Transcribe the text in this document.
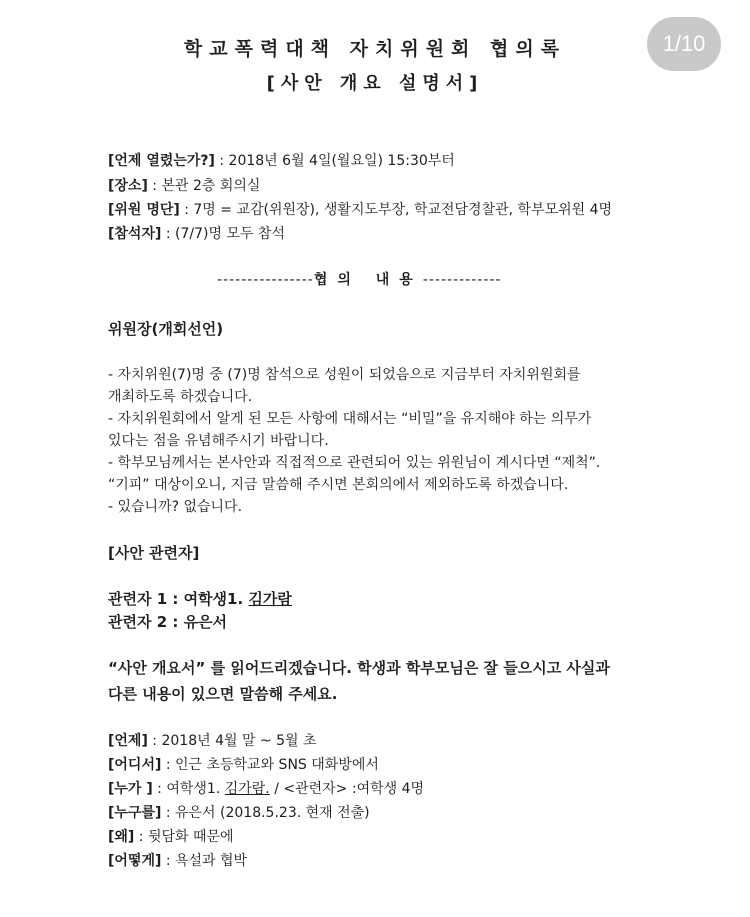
1/10
학교폭력대책 자치위원회 협의록
[사안 개요 설명서]
[언제 열렸는가?] : 2018년 6월 4일(월요일) 15:30부터
[장소] : 본관 2층 회의실
[위원 명단] : 7명 = 교감(위원장), 생활지도부장, 학교전담경찰관, 학부모위원 4명
[참석자] : (7/7)명 모두 참석
----------------협의 내용-------------
위원장(개회선언)
- 자치위원(7)명 중 (7)명 참석으로 성원이 되었음으로 지금부터 자치위원회를
개최하도록 하겠습니다.
- 자치위원회에서 알게 된 모든 사항에 대해서는 “비밀”을 유지해야 하는 의무가
있다는 점을 유념해주시기 바랍니다.
- 학부모님께서는 본사안과 직접적으로 관련되어 있는 위원님이 계시다면 “제척”.
“기피” 대상이오니, 지금 말씀해 주시면 본회의에서 제외하도록 하겠습니다.
- 있습니까? 없습니다.
[사안 관련자]
관련자 1 : 여학생1. 김가람
관련자 2 : 유은서
“사안 개요서” 를 읽어드리겠습니다. 학생과 학부모님은 잘 들으시고 사실과
다른 내용이 있으면 말씀해 주세요.
[언제] : 2018년 4월 말 ~ 5월 초
[어디서] : 인근 초등학교와 SNS 대화방에서
[누가 ] : 여학생1. 김가람. / <관련자> :여학생 4명
[누구를] : 유은서 (2018.5.23. 현재 전출)
[왜] : 뒷담화 때문에
[어떻게] : 욕설과 협박
